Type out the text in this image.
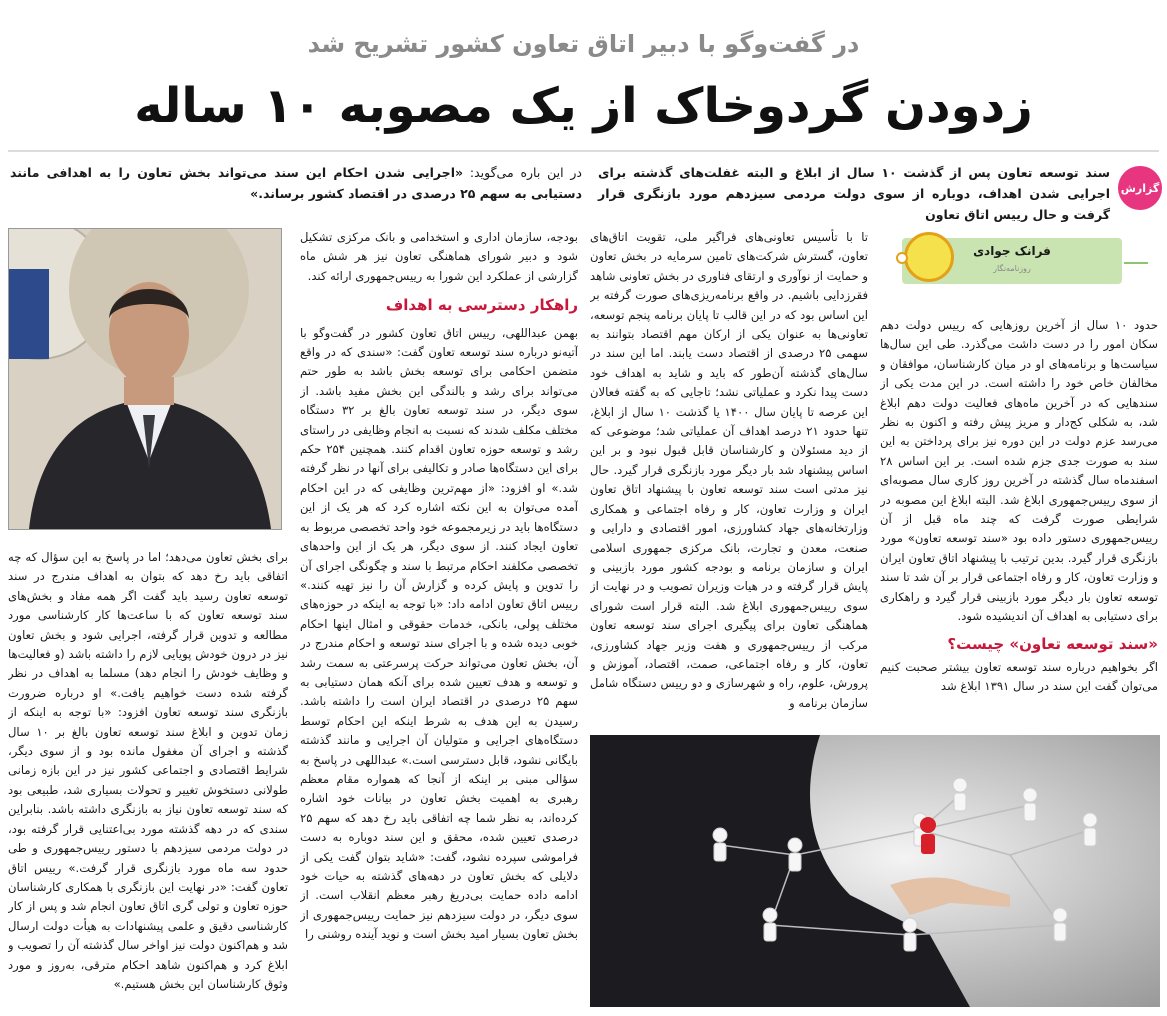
در گفت‌وگو با دبیر اتاق تعاون کشور تشریح شد
زدودن گردوخاک از یک مصوبه ۱۰ ساله
گزارش
سند توسعه تعاون پس از گذشت ۱۰ سال از ابلاغ و البته غفلت‌های گذشته برای اجرایی شدن اهداف، دوباره از سوی دولت مردمی سیزدهم مورد بازنگری قرار گرفت و حال رییس اتاق تعاون
در این باره می‌گوید: «اجرایی شدن احکام این سند می‌تواند بخش تعاون را به اهدافی مانند دستیابی به سهم ۲۵ درصدی در اقتصاد کشور برساند.»
فرانک جوادی
روزنامه‌نگار
حدود ۱۰ سال از آخرین روزهایی که رییس دولت دهم سکان امور را در دست داشت می‌گذرد. طی این سال‌ها سیاست‌ها و برنامه‌های او در میان کارشناسان، موافقان و مخالفان خاص خود را داشته است. در این مدت یکی از سندهایی که در آخرین ماه‌های فعالیت دولت دهم ابلاغ شد، به شکلی کج‌دار و مریز پیش رفته و اکنون به نظر می‌رسد عزم دولت در این دوره نیز برای پرداختن به این سند به صورت جدی جزم شده است. بر این اساس ۲۸ اسفندماه سال گذشته در آخرین روز کاری سال مصوبه‌ای از سوی رییس‌جمهوری ابلاغ شد. البته ابلاغ این مصوبه در شرایطی صورت گرفت که چند ماه قبل از آن رییس‌جمهوری دستور داده بود «سند توسعه تعاون» مورد بازنگری قرار گیرد. بدین ترتیب با پیشنهاد اتاق تعاون ایران و وزارت تعاون، کار و رفاه اجتماعی قرار بر آن شد تا سند توسعه تعاون بار دیگر مورد بازبینی قرار گیرد و راهکاری برای دستیابی به اهداف آن اندیشیده شود.
«سند توسعه تعاون» چیست؟
اگر بخواهیم درباره سند توسعه تعاون بیشتر صحبت کنیم می‌توان گفت این سند در سال ۱۳۹۱ ابلاغ شد
تا با تأسیس تعاونی‌های فراگیر ملی، تقویت اتاق‌های تعاون، گسترش شرکت‌های تامین سرمایه در بخش تعاون و حمایت از نوآوری و ارتقای فناوری در بخش تعاونی شاهد فقرزدایی باشیم. در واقع برنامه‌ریزی‌های صورت گرفته بر این اساس بود که در این قالب تا پایان برنامه پنجم توسعه، تعاونی‌ها به عنوان یکی از ارکان مهم اقتصاد بتوانند به سهمی ۲۵ درصدی از اقتصاد دست یابند. اما این سند در سال‌های گذشته آن‌طور که باید و شاید به اهداف خود دست پیدا نکرد و عملیاتی نشد؛ تاجایی که به گفته فعالان این عرصه تا پایان سال ۱۴۰۰ یا گذشت ۱۰ سال از ابلاغ، تنها حدود ۲۱ درصد اهداف آن عملیاتی شد؛ موضوعی که از دید مسئولان و کارشناسان قابل قبول نبود و بر این اساس پیشنهاد شد بار دیگر مورد بازنگری قرار گیرد. حال نیز مدتی است سند توسعه تعاون با پیشنهاد اتاق تعاون ایران و وزارت تعاون، کار و رفاه اجتماعی و همکاری وزارتخانه‌های جهاد کشاورزی، امور اقتصادی و دارایی و صنعت، معدن و تجارت، بانک مرکزی جمهوری اسلامی ایران و سازمان برنامه و بودجه کشور مورد بازبینی و پایش قرار گرفته و در هیات وزیران تصویب و در نهایت از سوی رییس‌جمهوری ابلاغ شد. البته قرار است شورای هماهنگی تعاون برای پیگیری اجرای سند توسعه تعاون مرکب از رییس‌جمهوری و هفت وزیر جهاد کشاورزی، تعاون، کار و رفاه اجتماعی، صمت، اقتصاد، آموزش و پرورش، علوم، راه و شهرسازی و دو رییس دستگاه شامل سازمان برنامه و
بودجه، سازمان اداری و استخدامی و بانک مرکزی تشکیل شود و دبیر شورای هماهنگی تعاون نیز هر شش ماه گزارشی از عملکرد این شورا به رییس‌جمهوری ارائه کند.
راهکار دسترسی به اهداف
بهمن عبداللهی، رییس اتاق تعاون کشور در گفت‌وگو با آتیه‌نو درباره سند توسعه تعاون گفت: «سندی که در واقع متضمن احکامی برای توسعه بخش باشد به طور حتم می‌تواند برای رشد و بالندگی این بخش مفید باشد. از سوی دیگر، در سند توسعه تعاون بالغ بر ۳۲ دستگاه مختلف مکلف شدند که نسبت به انجام وظایفی در راستای رشد و توسعه حوزه تعاون اقدام کنند. همچنین ۲۵۴ حکم برای این دستگاه‌ها صادر و تکالیفی برای آنها در نظر گرفته شد.» او افزود: «از مهم‌ترین وظایفی که در این احکام آمده می‌توان به این نکته اشاره کرد که هر یک از این دستگاه‌ها باید در زیرمجموعه خود واحد تخصصی مربوط به تعاون ایجاد کنند. از سوی دیگر، هر یک از این واحدهای تخصصی مکلفند احکام مرتبط با سند و چگونگی اجرای آن را تدوین و پایش کرده و گزارش آن را نیز تهیه کنند.» رییس اتاق تعاون ادامه داد: «با توجه به اینکه در حوزه‌های مختلف پولی، بانکی، خدمات حقوقی و امثال اینها احکام خوبی دیده شده و با اجرای سند توسعه و احکام مندرج در آن، بخش تعاون می‌تواند حرکت پرسرعتی به سمت رشد و توسعه و هدف تعیین شده برای آنکه همان دستیابی به سهم ۲۵ درصدی در اقتصاد ایران است را داشته باشد. رسیدن به این هدف به شرط اینکه این احکام توسط دستگاه‌های اجرایی و متولیان آن اجرایی و مانند گذشته بایگانی نشود، قابل دسترسی است.» عبداللهی در پاسخ به سؤالی مبنی بر اینکه از آنجا که همواره مقام معظم رهبری به اهمیت بخش تعاون در بیانات خود اشاره کرده‌اند، به نظر شما چه اتفاقی باید رخ دهد که سهم ۲۵ درصدی تعیین شده، محقق و این سند دوباره به دست فراموشی سپرده نشود، گفت: «شاید بتوان گفت یکی از دلایلی که بخش تعاون در دهه‌های گذشته به حیات خود ادامه داده حمایت بی‌دریغ رهبر معظم انقلاب است. از سوی دیگر، در دولت سیزدهم نیز حمایت رییس‌جمهوری از بخش تعاون بسیار امید بخش است و نوید آینده روشنی را
برای بخش تعاون می‌دهد؛ اما در پاسخ به این سؤال که چه اتفاقی باید رخ دهد که بتوان به اهداف مندرج در سند توسعه تعاون رسید باید گفت اگر همه مفاد و بخش‌های سند توسعه تعاون که با ساعت‌ها کار کارشناسی مورد مطالعه و تدوین قرار گرفته، اجرایی شود و بخش تعاون نیز در درون خودش پویایی لازم را داشته باشد (و فعالیت‌ها و وظایف خودش را انجام دهد) مسلما به اهداف در نظر گرفته شده دست خواهیم یافت.» او درباره ضرورت بازنگری سند توسعه تعاون افزود: «با توجه به اینکه از زمان تدوین و ابلاغ سند توسعه تعاون بالغ بر ۱۰ سال گذشته و اجرای آن مغفول مانده بود و از سوی دیگر، شرایط اقتصادی و اجتماعی کشور نیز در این بازه زمانی طولانی دستخوش تغییر و تحولات بسیاری شد، طبیعی بود که سند توسعه تعاون نیاز به بازنگری داشته باشد. بنابراین سندی که در دهه گذشته مورد بی‌اعتنایی قرار گرفته بود، در دولت مردمی سیزدهم با دستور رییس‌جمهوری و طی حدود سه ماه مورد بازنگری قرار گرفت.» رییس اتاق تعاون گفت: «در نهایت این بازنگری با همکاری کارشناسان حوزه تعاون و تولی گری اتاق تعاون انجام شد و پس از کار کارشناسی دقیق و علمی پیشنهادات به هیأت دولت ارسال شد و هم‌اکنون دولت نیز اواخر سال گذشته آن را تصویب و ابلاغ کرد و هم‌اکنون شاهد احکام مترقی، به‌روز و مورد وثوق کارشناسان این بخش هستیم.»
